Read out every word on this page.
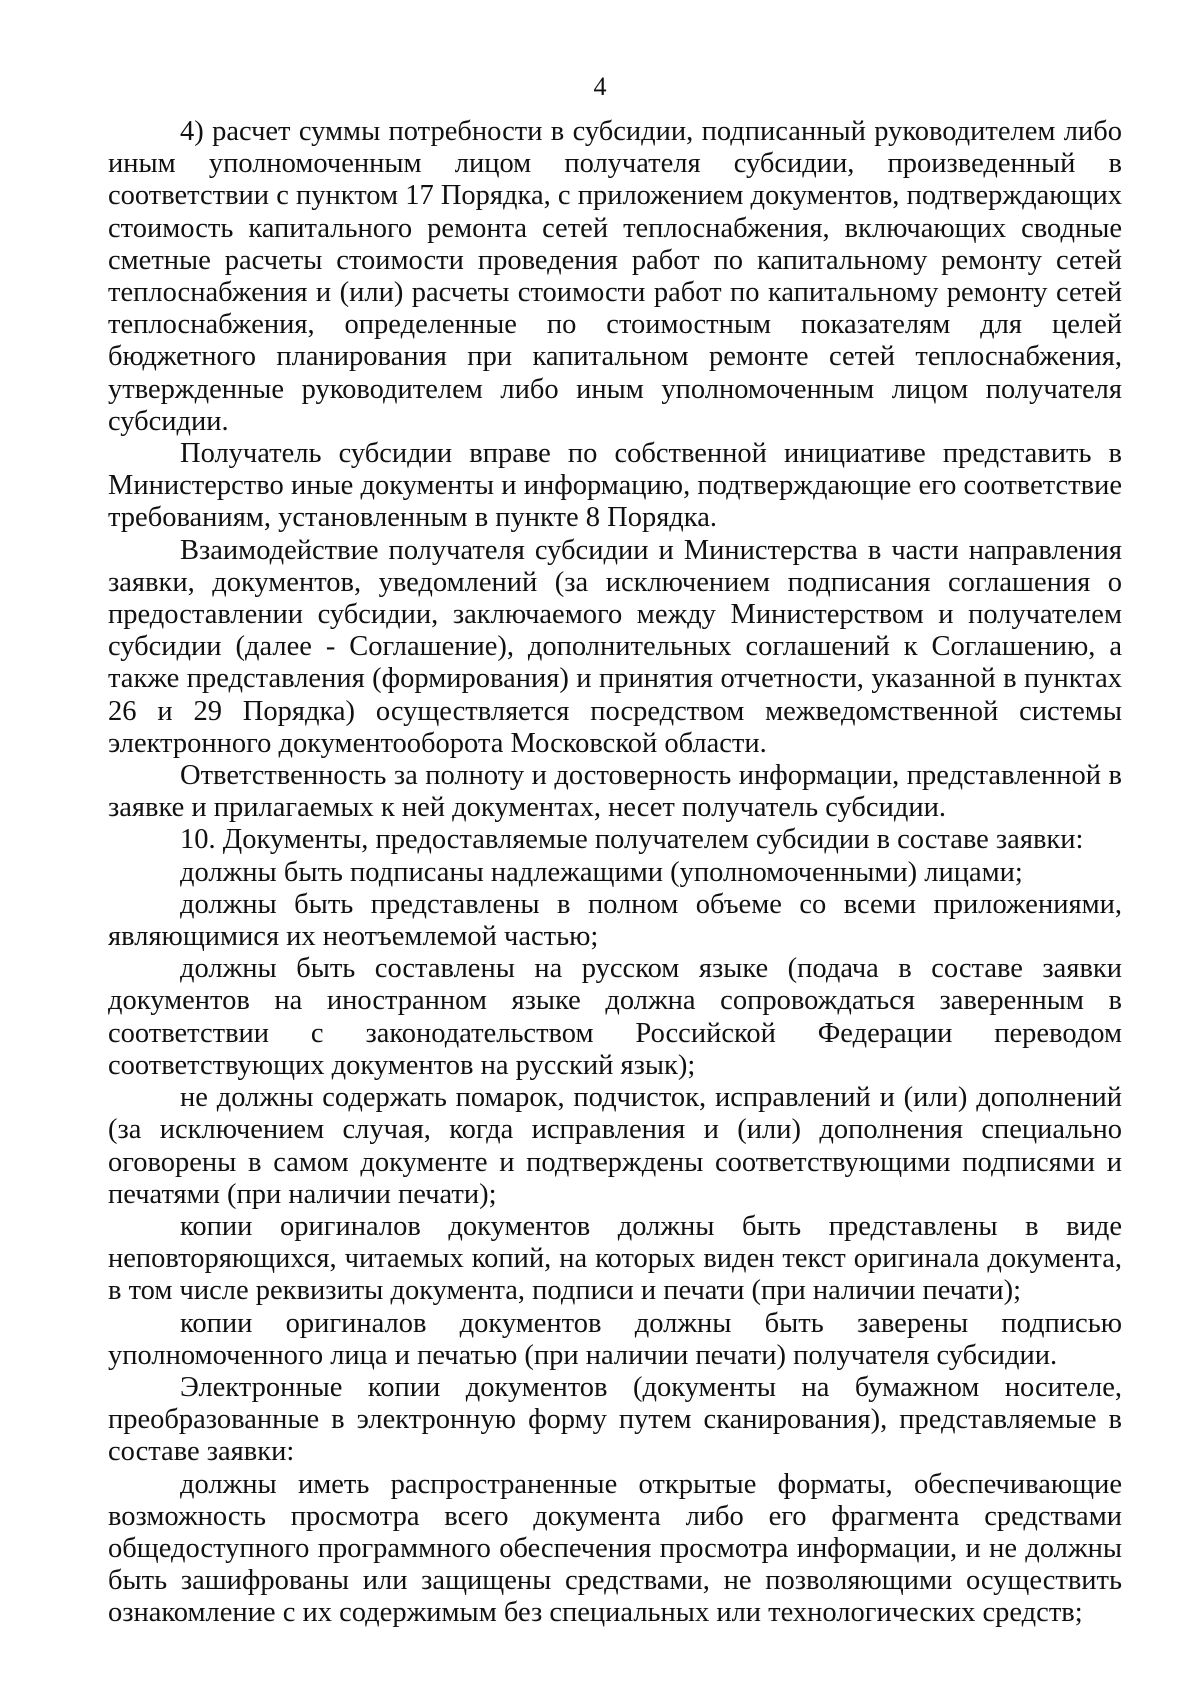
4

4) расчет суммы потребности в субсидии, подписанный руководителем либо иным уполномоченным лицом получателя субсидии, произведенный в соответствии с пунктом 17 Порядка, с приложением документов, подтверждающих стоимость капитального ремонта сетей теплоснабжения, включающих сводные сметные расчеты стоимости проведения работ по капитальному ремонту сетей теплоснабжения и (или) расчеты стоимости работ по капитальному ремонту сетей теплоснабжения, определенные по стоимостным показателям для целей бюджетного планирования при капитальном ремонте сетей теплоснабжения, утвержденные руководителем либо иным уполномоченным лицом получателя субсидии.

Получатель субсидии вправе по собственной инициативе представить в Министерство иные документы и информацию, подтверждающие его соответствие требованиям, установленным в пункте 8 Порядка.

Взаимодействие получателя субсидии и Министерства в части направления заявки, документов, уведомлений (за исключением подписания соглашения о предоставлении субсидии, заключаемого между Министерством и получателем субсидии (далее - Соглашение), дополнительных соглашений к Соглашению, а также представления (формирования) и принятия отчетности, указанной в пунктах 26 и 29 Порядка) осуществляется посредством межведомственной системы электронного документооборота Московской области.

Ответственность за полноту и достоверность информации, представленной в заявке и прилагаемых к ней документах, несет получатель субсидии.

10. Документы, предоставляемые получателем субсидии в составе заявки:

должны быть подписаны надлежащими (уполномоченными) лицами;

должны быть представлены в полном объеме со всеми приложениями, являющимися их неотъемлемой частью;

должны быть составлены на русском языке (подача в составе заявки документов на иностранном языке должна сопровождаться заверенным в соответствии с законодательством Российской Федерации переводом соответствующих документов на русский язык);

не должны содержать помарок, подчисток, исправлений и (или) дополнений (за исключением случая, когда исправления и (или) дополнения специально оговорены в самом документе и подтверждены соответствующими подписями и печатями (при наличии печати);

копии оригиналов документов должны быть представлены в виде неповторяющихся, читаемых копий, на которых виден текст оригинала документа, в том числе реквизиты документа, подписи и печати (при наличии печати);

копии оригиналов документов должны быть заверены подписью уполномоченного лица и печатью (при наличии печати) получателя субсидии.

Электронные копии документов (документы на бумажном носителе, преобразованные в электронную форму путем сканирования), представляемые в составе заявки:

должны иметь распространенные открытые форматы, обеспечивающие возможность просмотра всего документа либо его фрагмента средствами общедоступного программного обеспечения просмотра информации, и не должны быть зашифрованы или защищены средствами, не позволяющими осуществить ознакомление с их содержимым без специальных или технологических средств;
